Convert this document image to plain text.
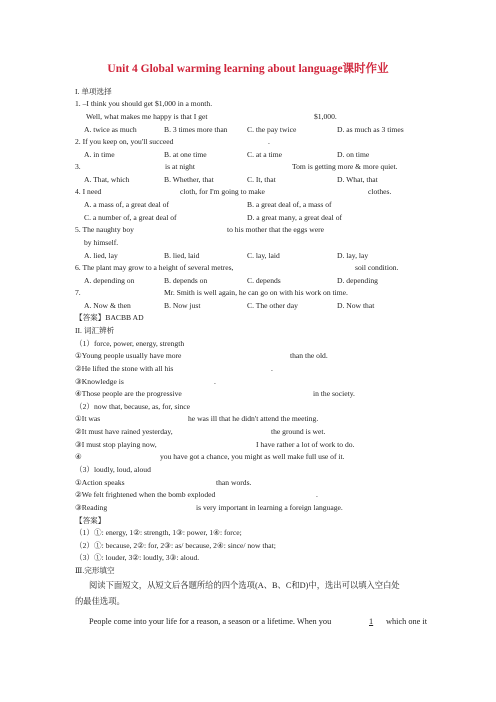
Unit 4 Global warming learning about language课时作业
I. 单项选择
1. –I think you should get $1,000 in a month.
Well, what makes me happy is that I get	$1,000.
A. twice as much	B. 3 times more than	C. the pay twice	D. as much as 3 times
2. If you keep on, you'll succeed	.
A. in time	B. at one time	C. at a time	D. on time
3.	is at night	Tom is getting more & more quiet.
A. That, which	B. Whether, that	C. It, that	D. What, that
4. I need	cloth, for I'm going to make	clothes.
A. a mass of, a great deal of	B. a great deal of, a mass of
C. a number of, a great deal of	D. a great many, a great deal of
5. The naughty boy	to his mother that the eggs were
by himself.
A. lied, lay	B. lied, laid	C. lay, laid	D. lay, lay
6. The plant may grow to a height of several metres,	soil condition.
A. depending on	B. depends on	C. depends	D. depending
7.	Mr. Smith is well again, he can go on with his work on time.
A. Now & then	B. Now just	C. The other day	D. Now that
【答案】BACBB AD
II. 词汇辨析
（1）force, power, energy, strength
①Young people usually have more	than the old.
②He lifted the stone with all his	.
③Knowledge is	.
④Those people are the progressive	in the society.
（2）now that, because, as, for, since
①It was	he was ill that he didn't attend the meeting.
②It must have rained yesterday,	the ground is wet.
③I must stop playing now,	I have rather a lot of work to do.
④	you have got a chance, you might as well make full use of it.
（3）loudly, loud, aloud
①Action speaks	than words.
②We felt frightened when the bomb exploded	.
③Reading	is very important in learning a foreign language.
【答案】
（1）①: energy, 1②: strength, 1③: power, 1④: force;
（2）①: because, 2②: for, 2③: as/ because, 2④: since/ now that;
（3）①: louder, 3②: loudly, 3③: aloud.
Ⅲ.完形填空
阅读下面短文，从短文后各题所给的四个选项(A、B、C和D)中，选出可以填入空白处
的最佳选项。
People come into your life for a reason, a season or a lifetime. When you	1 which one it
